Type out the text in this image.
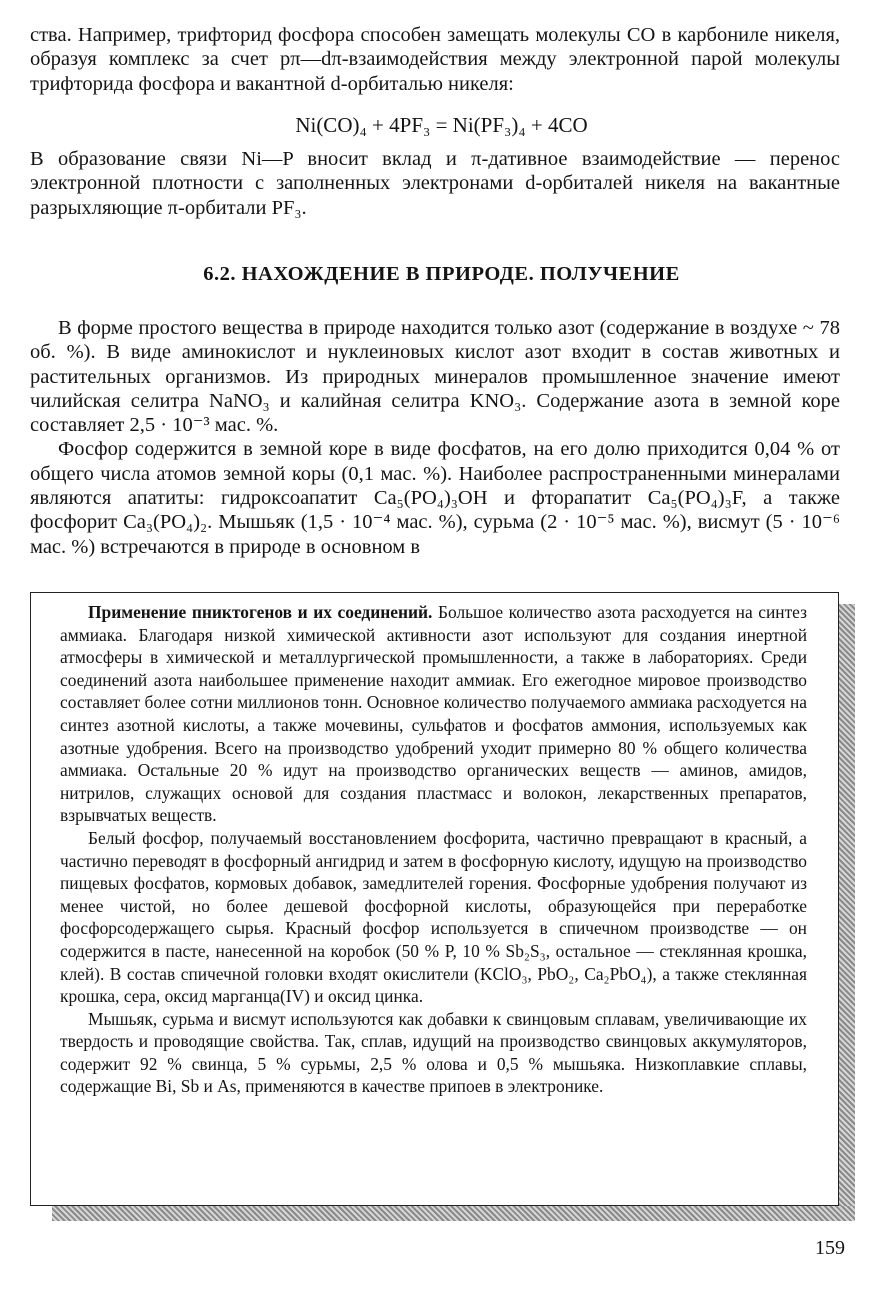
ства. Например, трифторид фосфора способен замещать молекулы CO в карбониле никеля, образуя комплекс за счет pπ—dπ-взаимодействия между электронной парой молекулы трифторида фосфора и вакантной d-орбиталью никеля:

Ni(CO)₄ + 4PF₃ = Ni(PF₃)₄ + 4CO

В образование связи Ni—P вносит вклад и π-дативное взаимодействие — перенос электронной плотности с заполненных электронами d-орбиталей никеля на вакантные разрыхляющие π-орбитали PF₃.

6.2. НАХОЖДЕНИЕ В ПРИРОДЕ. ПОЛУЧЕНИЕ

В форме простого вещества в природе находится только азот (содержание в воздухе ~ 78 об. %). В виде аминокислот и нуклеиновых кислот азот входит в состав животных и растительных организмов. Из природных минералов промышленное значение имеют чилийская селитра NaNO₃ и калийная селитра KNO₃. Содержание азота в земной коре составляет 2,5 · 10⁻³ мас. %.

Фосфор содержится в земной коре в виде фосфатов, на его долю приходится 0,04 % от общего числа атомов земной коры (0,1 мас. %). Наиболее распространенными минералами являются апатиты: гидроксоапатит Ca₅(PO₄)₃OH и фторапатит Ca₅(PO₄)₃F, а также фосфорит Ca₃(PO₄)₂. Мышьяк (1,5 · 10⁻⁴ мас. %), сурьма (2 · 10⁻⁵ мас. %), висмут (5 · 10⁻⁶ мас. %) встречаются в природе в основном в

Применение пниктогенов и их соединений. Большое количество азота расходуется на синтез аммиака. Благодаря низкой химической активности азот используют для создания инертной атмосферы в химической и металлургической промышленности, а также в лабораториях. Среди соединений азота наибольшее применение находит аммиак. Его ежегодное мировое производство составляет более сотни миллионов тонн. Основное количество получаемого аммиака расходуется на синтез азотной кислоты, а также мочевины, сульфатов и фосфатов аммония, используемых как азотные удобрения. Всего на производство удобрений уходит примерно 80 % общего количества аммиака. Остальные 20 % идут на производство органических веществ — аминов, амидов, нитрилов, служащих основой для создания пластмасс и волокон, лекарственных препаратов, взрывчатых веществ.

Белый фосфор, получаемый восстановлением фосфорита, частично превращают в красный, а частично переводят в фосфорный ангидрид и затем в фосфорную кислоту, идущую на производство пищевых фосфатов, кормовых добавок, замедлителей горения. Фосфорные удобрения получают из менее чистой, но более дешевой фосфорной кислоты, образующейся при переработке фосфорсодержащего сырья. Красный фосфор используется в спичечном производстве — он содержится в пасте, нанесенной на коробок (50 % P, 10 % Sb₂S₃, остальное — стеклянная крошка, клей). В состав спичечной головки входят окислители (KClO₃, PbO₂, Ca₂PbO₄), а также стеклянная крошка, сера, оксид марганца(IV) и оксид цинка.

Мышьяк, сурьма и висмут используются как добавки к свинцовым сплавам, увеличивающие их твердость и проводящие свойства. Так, сплав, идущий на производство свинцовых аккумуляторов, содержит 92 % свинца, 5 % сурьмы, 2,5 % олова и 0,5 % мышьяка. Низкоплавкие сплавы, содержащие Bi, Sb и As, применяются в качестве припоев в электронике.

159
